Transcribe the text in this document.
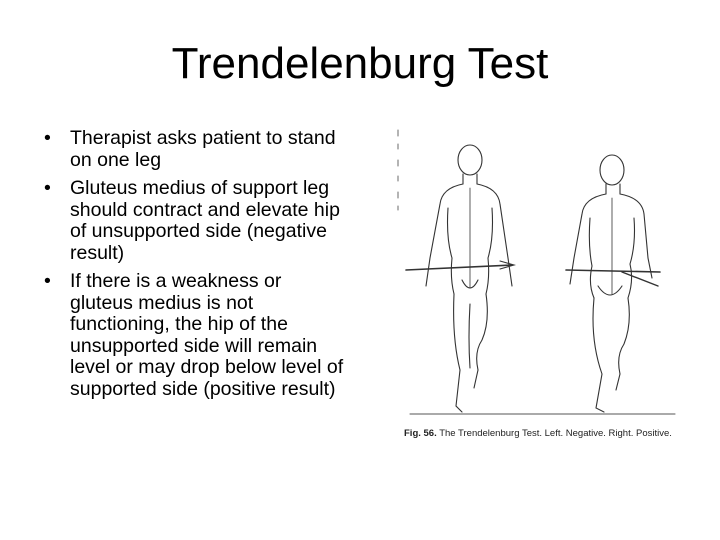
Trendelenburg Test
• Therapist asks patient to stand on one leg
• Gluteus medius of support leg should contract and elevate hip of unsupported side (negative result)
• If there is a weakness or gluteus medius is not functioning, the hip of the unsupported side will remain level or may drop below level of supported side (positive result)
Fig. 56. The Trendelenburg Test. Left. Negative. Right. Positive.
